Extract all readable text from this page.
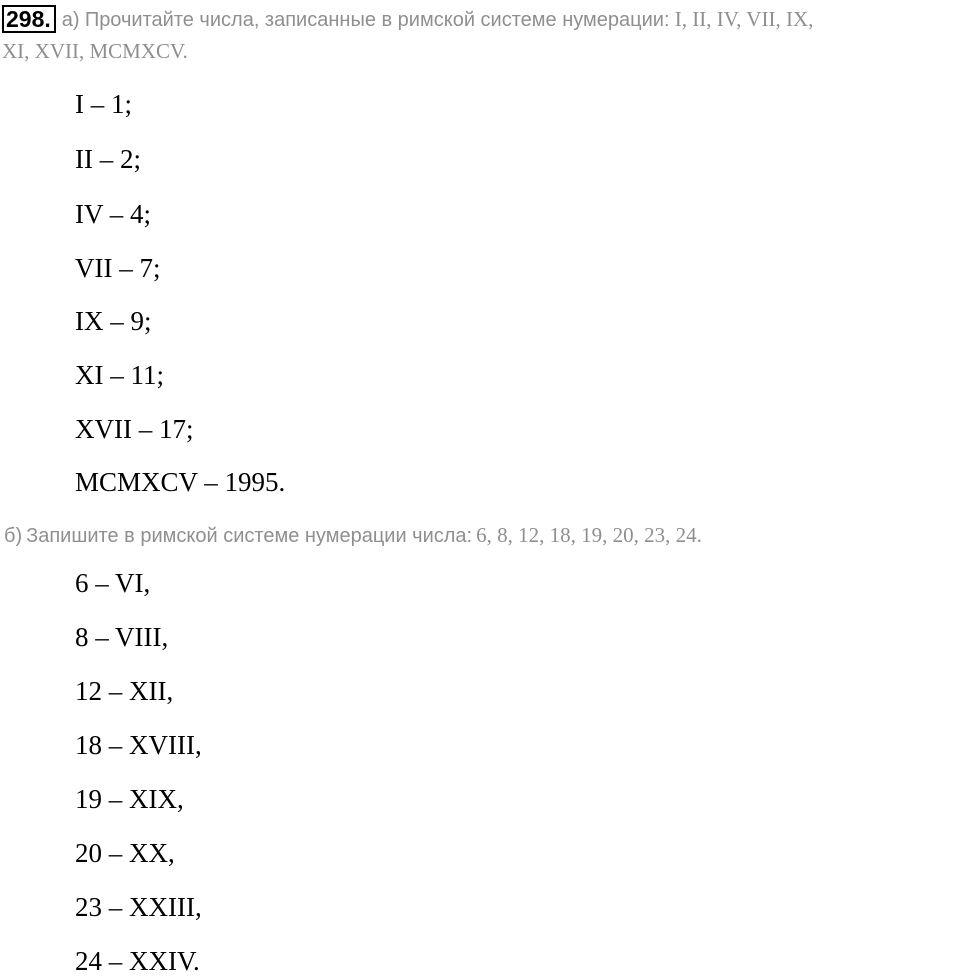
298. а) Прочитайте числа, записанные в римской системе нумерации: I, II, IV, VII, IX,
XI, XVII, MCMXCV.
I – 1;
II – 2;
IV – 4;
VII – 7;
IX – 9;
XI – 11;
XVII – 17;
MCMXCV – 1995.
б) Запишите в римской системе нумерации числа: 6, 8, 12, 18, 19, 20, 23, 24.
6 – VI,
8 – VIII,
12 – XII,
18 – XVIII,
19 – XIX,
20 – XX,
23 – XXIII,
24 – XXIV.
